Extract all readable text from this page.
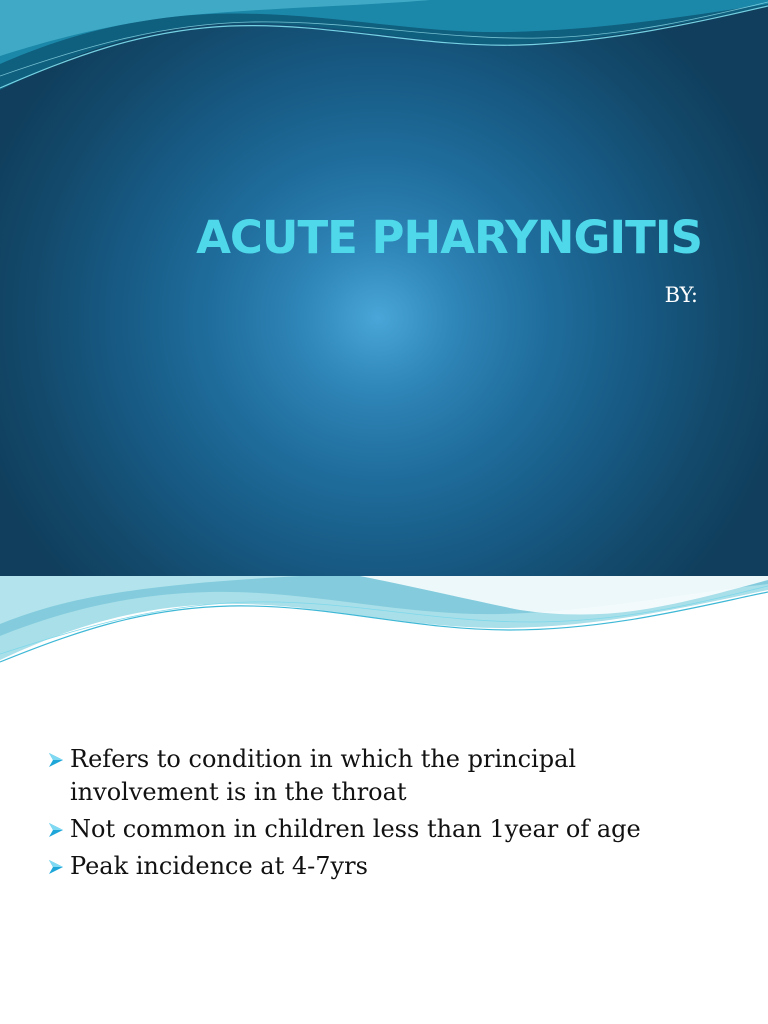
ACUTE PHARYNGITIS
BY:
Refers to condition in which the principal involvement is in the throat
Not common in children less than 1year of age
Peak incidence at 4-7yrs
